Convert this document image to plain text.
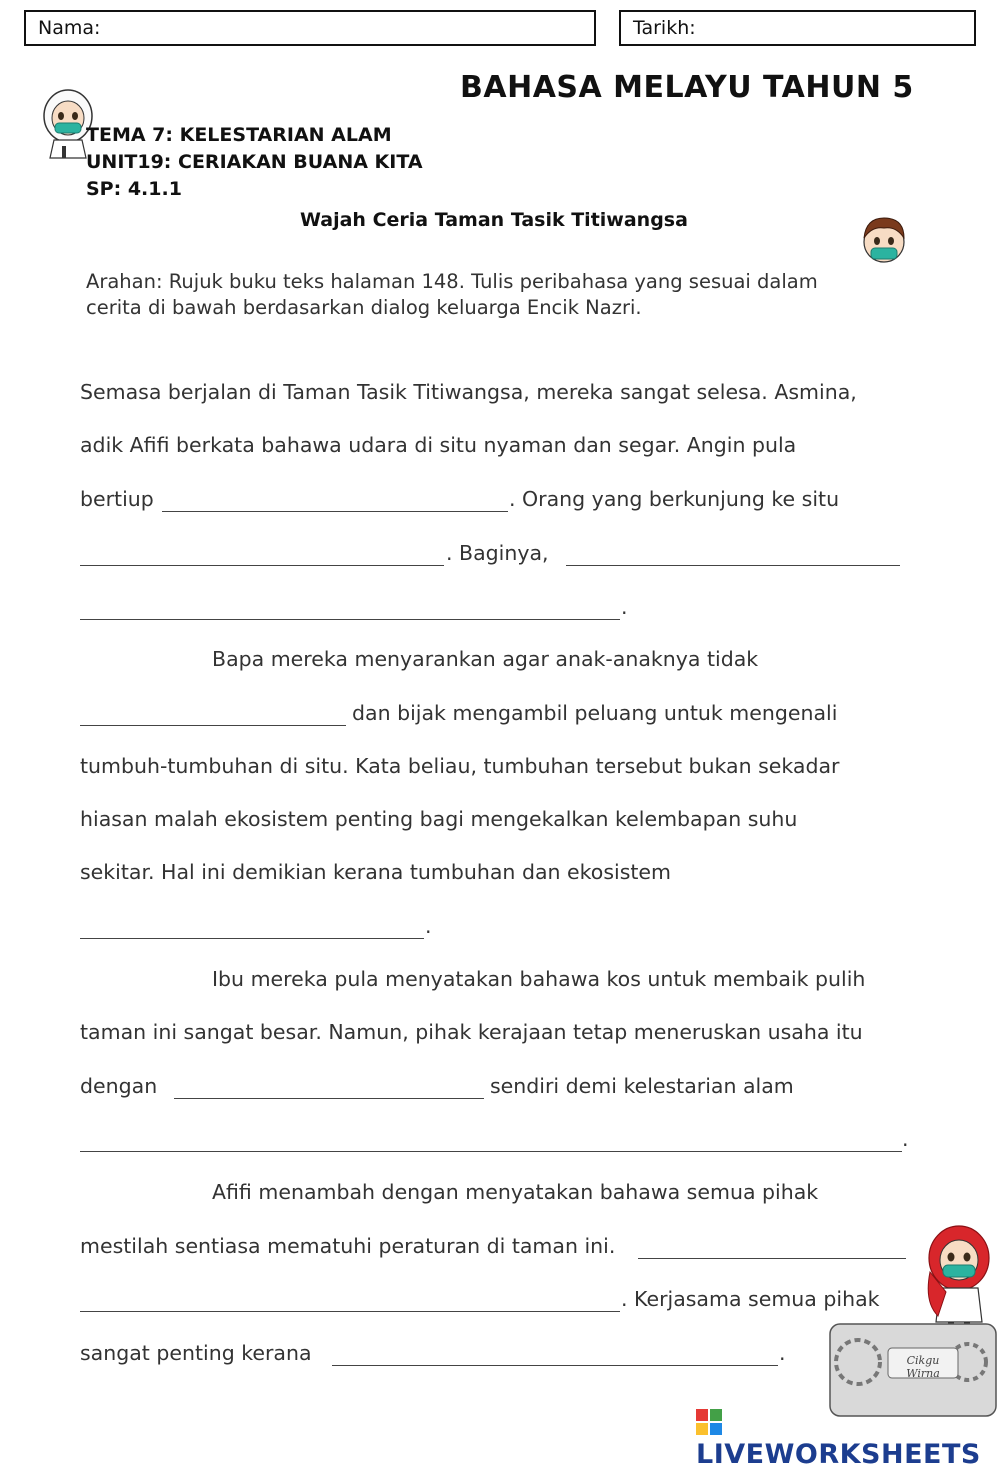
Nama:	Tarikh:
BAHASA MELAYU TAHUN 5
TEMA 7: KELESTARIAN ALAM
UNIT19: CERIAKAN BUANA KITA
SP: 4.1.1
Wajah Ceria Taman Tasik Titiwangsa
Arahan: Rujuk buku teks halaman 148. Tulis peribahasa yang sesuai dalam
cerita di bawah berdasarkan dialog keluarga Encik Nazri.
Semasa berjalan di Taman Tasik Titiwangsa, mereka sangat selesa. Asmina,
adik Afifi berkata bahawa udara di situ nyaman dan segar. Angin pula
bertiup	. Orang yang berkunjung ke situ
. Baginya,
.
Bapa mereka menyarankan agar anak-anaknya tidak
dan bijak mengambil peluang untuk mengenali
tumbuh-tumbuhan di situ. Kata beliau, tumbuhan tersebut bukan sekadar
hiasan malah ekosistem penting bagi mengekalkan kelembapan suhu
sekitar. Hal ini demikian kerana tumbuhan dan ekosistem
.
Ibu mereka pula menyatakan bahawa kos untuk membaik pulih
taman ini sangat besar. Namun, pihak kerajaan tetap meneruskan usaha itu
dengan	sendiri demi kelestarian alam
.
Afifi menambah dengan menyatakan bahawa semua pihak
mestilah sentiasa mematuhi peraturan di taman ini.
. Kerjasama semua pihak
sangat penting kerana	.	Cikgu Wirna
LIVEWORKSHEETS
